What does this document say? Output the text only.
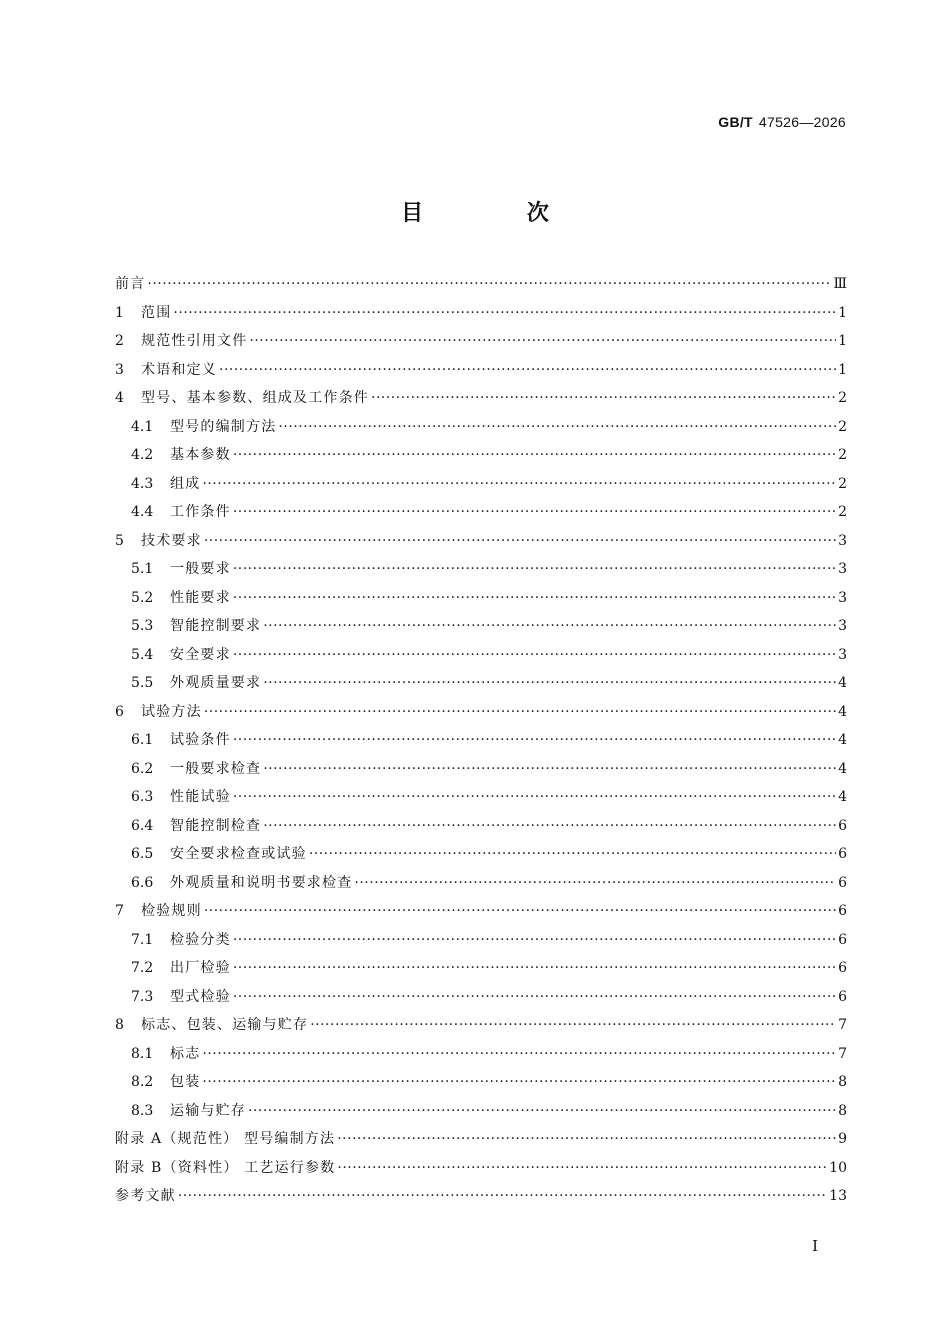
GB/T 47526—2026
目 次
前言 ·····	Ⅲ
1	范围 ·····	1
2	规范性引用文件 ·····	1
3	术语和定义 ·····	1
4	型号、基本参数、组成及工作条件 ·····	2
4.1	型号的编制方法 ·····	2
4.2	基本参数 ·····	2
4.3	组成 ·····	2
4.4	工作条件 ·····	2
5	技术要求 ·····	3
5.1	一般要求 ·····	3
5.2	性能要求 ·····	3
5.3	智能控制要求 ·····	3
5.4	安全要求 ·····	3
5.5	外观质量要求 ·····	4
6	试验方法 ·····	4
6.1	试验条件 ·····	4
6.2	一般要求检查 ·····	4
6.3	性能试验 ·····	4
6.4	智能控制检查 ·····	6
6.5	安全要求检查或试验 ·····	6
6.6	外观质量和说明书要求检查 ·····	6
7	检验规则 ·····	6
7.1	检验分类 ·····	6
7.2	出厂检验 ·····	6
7.3	型式检验 ·····	6
8	标志、包装、运输与贮存 ·····	7
8.1	标志 ·····	7
8.2	包装 ·····	8
8.3	运输与贮存 ·····	8
附录 A（规范性） 型号编制方法 ·····	9
附录 B（资料性） 工艺运行参数 ·····	10
参考文献 ·····	13
Ⅰ
